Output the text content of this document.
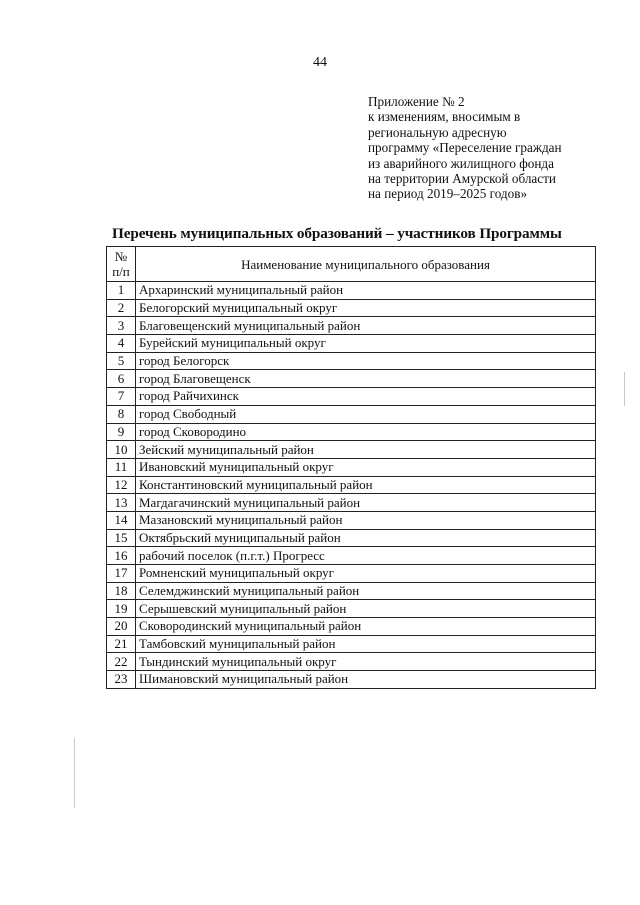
44
Приложение № 2
к изменениям, вносимым в
региональную адресную
программу «Переселение граждан
из аварийного жилищного фонда
на территории Амурской области
на период 2019–2025 годов»
Перечень муниципальных образований – участников Программы
№
п/п	Наименование муниципального образования
1	Архаринский муниципальный район
2	Белогорский муниципальный округ
3	Благовещенский муниципальный район
4	Бурейский муниципальный округ
5	город Белогорск
6	город Благовещенск
7	город Райчихинск
8	город Свободный
9	город Сковородино
10	Зейский муниципальный район
11	Ивановский муниципальный округ
12	Константиновский муниципальный район
13	Магдагачинский муниципальный район
14	Мазановский муниципальный район
15	Октябрьский муниципальный район
16	рабочий поселок (п.г.т.) Прогресс
17	Ромненский муниципальный округ
18	Селемджинский муниципальный район
19	Серышевский муниципальный район
20	Сковородинский муниципальный район
21	Тамбовский муниципальный район
22	Тындинский муниципальный округ
23	Шимановский муниципальный район
